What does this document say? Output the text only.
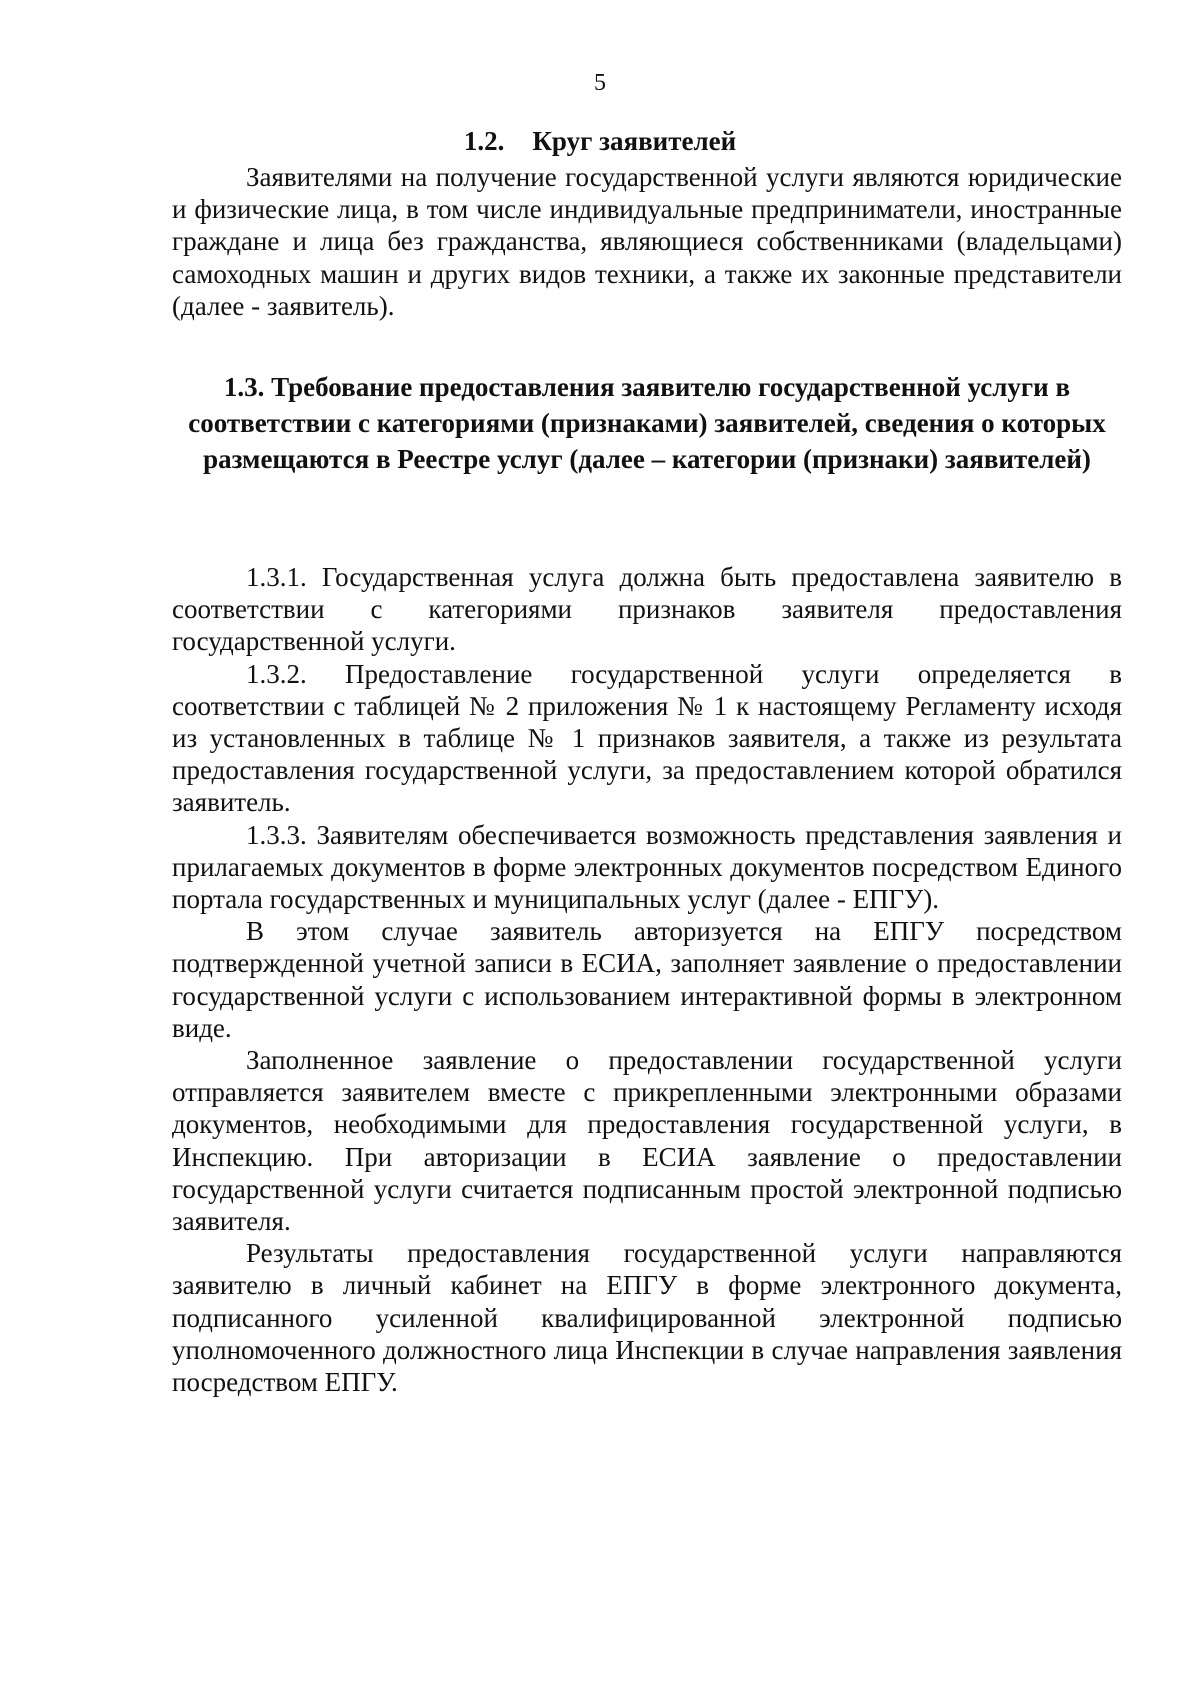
5
1.2. Круг заявителей

Заявителями на получение государственной услуги являются юридические и физические лица, в том числе индивидуальные предприниматели, иностранные граждане и лица без гражданства, являющиеся собственниками (владельцами) самоходных машин и других видов техники, а также их законные представители (далее - заявитель).

1.3. Требование предоставления заявителю государственной услуги в соответствии с категориями (признаками) заявителей, сведения о которых размещаются в Реестре услуг (далее – категории (признаки) заявителей)

1.3.1. Государственная услуга должна быть предоставлена заявителю в соответствии с категориями признаков заявителя предоставления государственной услуги.

1.3.2. Предоставление государственной услуги определяется в соответствии с таблицей № 2 приложения № 1 к настоящему Регламенту исходя из установленных в таблице № 1 признаков заявителя, а также из результата предоставления государственной услуги, за предоставлением которой обратился заявитель.

1.3.3. Заявителям обеспечивается возможность представления заявления и прилагаемых документов в форме электронных документов посредством Единого портала государственных и муниципальных услуг (далее - ЕПГУ).

В этом случае заявитель авторизуется на ЕПГУ посредством подтвержденной учетной записи в ЕСИА, заполняет заявление о предоставлении государственной услуги с использованием интерактивной формы в электронном виде.

Заполненное заявление о предоставлении государственной услуги отправляется заявителем вместе с прикрепленными электронными образами документов, необходимыми для предоставления государственной услуги, в Инспекцию. При авторизации в ЕСИА заявление о предоставлении государственной услуги считается подписанным простой электронной подписью заявителя.

Результаты предоставления государственной услуги направляются заявителю в личный кабинет на ЕПГУ в форме электронного документа, подписанного усиленной квалифицированной электронной подписью уполномоченного должностного лица Инспекции в случае направления заявления посредством ЕПГУ.
